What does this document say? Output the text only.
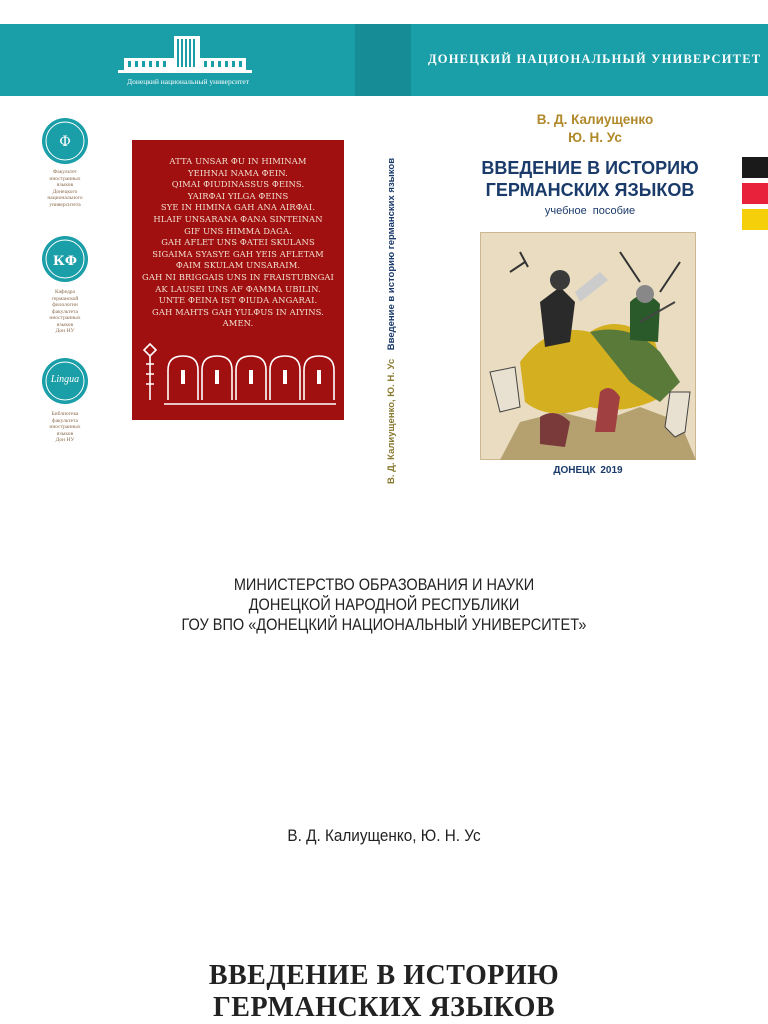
Донецкий национальный университет
ДОНЕЦКИЙ НАЦИОНАЛЬНЫЙ УНИВЕРСИТЕТ
Ф
Факультет
иностранных
языков
Донецкого
национального
университета
КФ
Кафедра
германской
филологии
факультета
иностранных
языков
Дон НУ
Lingua
Библиотека
факультета
иностранных
языков
Дон НУ
ATTA UNSAR ФU IN HIMINAM
YEIHNAI NAMA ФEIN.
QIMAI ФIUDINASSUS ФEINS.
YAIRФAI YILGA ФEINS
SYE IN HIMINA GAH ANA AIRФAI.
HLAIF UNSARANA ФANA SINTEINAN
GIF UNS HIMMA DAGA.
GAH AFLET UNS ФATEI SKULANS
SIGAIMA SYASYE GAH YEIS AFLETAM
ФAIM SKULAM UNSARAIM.
GAH NI BRIGGAIS UNS IN FRAISTUBNGAI
AK LAUSEI UNS AF ФAMMA UBILIN.
UNTE ФEINA IST ФIUDA ANGARAI.
GAH MAHTS GAH YULФUS IN AIYINS.
AMEN.
В. Д. Калиущенко, Ю. Н. Ус Введение в историю германских языков
В. Д. Калиущенко
Ю. Н. Ус
ВВЕДЕНИЕ В ИСТОРИЮ
ГЕРМАНСКИХ ЯЗЫКОВ
учебное пособие
ДОНЕЦК 2019
МИНИСТЕРСТВО ОБРАЗОВАНИЯ И НАУКИ
ДОНЕЦКОЙ НАРОДНОЙ РЕСПУБЛИКИ
ГОУ ВПО «ДОНЕЦКИЙ НАЦИОНАЛЬНЫЙ УНИВЕРСИТЕТ»
В. Д. Калиущенко, Ю. Н. Ус
ВВЕДЕНИЕ В ИСТОРИЮ
ГЕРМАНСКИХ ЯЗЫКОВ
